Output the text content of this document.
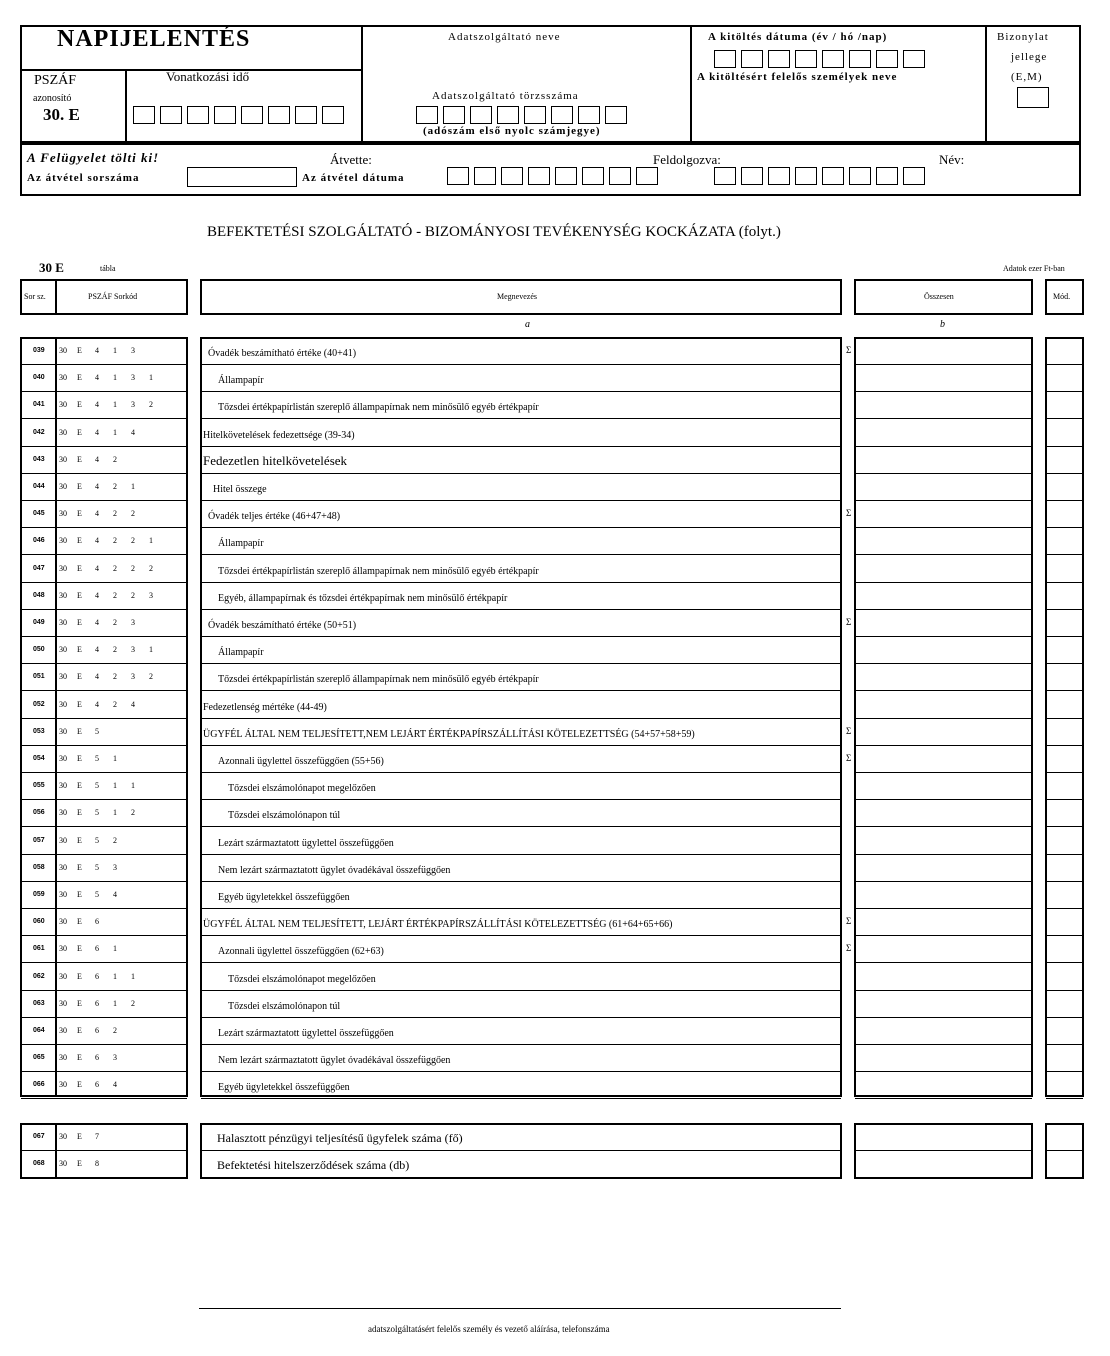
NAPIJELENTÉS
PSZÁF
azonosító
30. E
Vonatkozási idő
Adatszolgáltató neve
Adatszolgáltató törzsszáma
(adószám első nyolc számjegye)
A kitöltés dátuma (év / hó /nap)
A kitöltésért felelős személyek neve
Bizonylat
jellege
(E,M)
A Felügyelet tölti ki!	Átvette:	Feldolgozva:	Név:
Az átvétel sorszáma	Az átvétel dátuma
BEFEKTETÉSI SZOLGÁLTATÓ - BIZOMÁNYOSI TEVÉKENYSÉG KOCKÁZATA (folyt.)
30 E	tábla	Adatok ezer Ft-ban
Sor sz.	PSZÁF Sorkód	Megnevezés	Összesen	Mód.
a	b
039 30 E 4 1 3	Óvadék beszámítható értéke (40+41)	Σ
040 30 E 4 1 3 1	Állampapír
041 30 E 4 1 3 2	Tőzsdei értékpapírlistán szereplő állampapírnak nem minősülő egyéb értékpapír
042 30 E 4 1 4	Hitelkövetelések fedezettsége (39-34)
043 30 E 4 2	Fedezetlen hitelkövetelések
044 30 E 4 2 1	Hitel összege
045 30 E 4 2 2	Óvadék teljes értéke (46+47+48)	Σ
046 30 E 4 2 2 1	Állampapír
047 30 E 4 2 2 2	Tőzsdei értékpapírlistán szereplő állampapírnak nem minősülő egyéb értékpapír
048 30 E 4 2 2 3	Egyéb, állampapírnak és tőzsdei értékpapírnak nem minősülő értékpapír
049 30 E 4 2 3	Óvadék beszámítható értéke (50+51)	Σ
050 30 E 4 2 3 1	Állampapír
051 30 E 4 2 3 2	Tőzsdei értékpapírlistán szereplő állampapírnak nem minősülő egyéb értékpapír
052 30 E 4 2 4	Fedezetlenség mértéke (44-49)
053 30 E 5	ÜGYFÉL ÁLTAL NEM TELJESÍTETT,NEM LEJÁRT ÉRTÉKPAPÍRSZÁLLÍTÁSI KÖTELEZETTSÉG (54+57+58+59)	Σ
054 30 E 5 1	Azonnali ügylettel összefüggően (55+56)	Σ
055 30 E 5 1 1	Tőzsdei elszámolónapot megelőzően
056 30 E 5 1 2	Tőzsdei elszámolónapon túl
057 30 E 5 2	Lezárt származtatott ügylettel összefüggően
058 30 E 5 3	Nem lezárt származtatott ügylet óvadékával összefüggően
059 30 E 5 4	Egyéb ügyletekkel összefüggően
060 30 E 6	ÜGYFÉL ÁLTAL NEM TELJESÍTETT, LEJÁRT ÉRTÉKPAPÍRSZÁLLÍTÁSI KÖTELEZETTSÉG (61+64+65+66)	Σ
061 30 E 6 1	Azonnali ügylettel összefüggően (62+63)	Σ
062 30 E 6 1 1	Tőzsdei elszámolónapot megelőzően
063 30 E 6 1 2	Tőzsdei elszámolónapon túl
064 30 E 6 2	Lezárt származtatott ügylettel összefüggően
065 30 E 6 3	Nem lezárt származtatott ügylet óvadékával összefüggően
066 30 E 6 4	Egyéb ügyletekkel összefüggően
067 30 E 7	Halasztott pénzügyi teljesítésű ügyfelek száma (fő)
068 30 E 8	Befektetési hitelszerződések száma (db)
adatszolgáltatásért felelős személy és vezető aláírása, telefonszáma
